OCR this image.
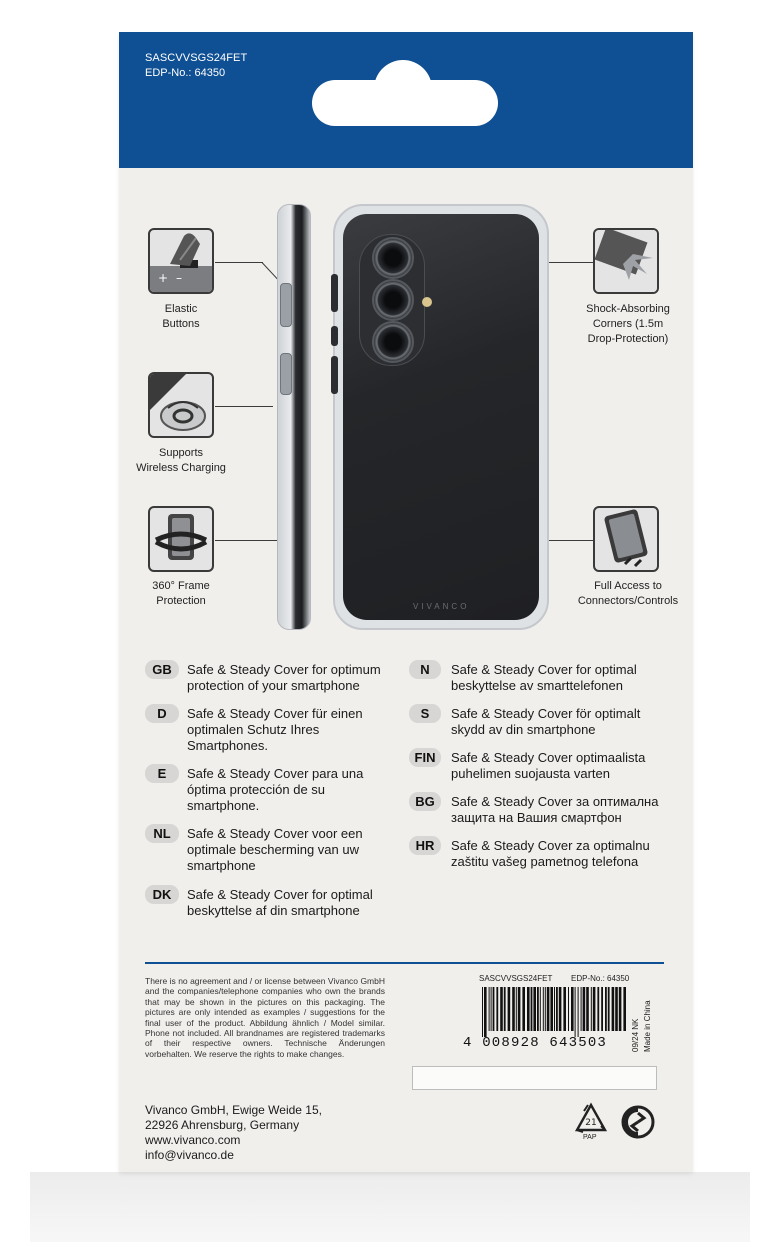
SASCVVSGS24FET
EDP-No.: 64350
+ –
Elastic
Buttons
Supports
Wireless Charging
360° Frame
Protection
Shock-Absorbing
Corners (1.5m
Drop-Protection)
Full Access to
Connectors/Controls
VIVANCO
GB	Safe & Steady Cover for optimum
protection of your smartphone
D	Safe & Steady Cover für einen
optimalen Schutz Ihres
Smartphones.
E	Safe & Steady Cover para una
óptima protección de su
smartphone.
NL	Safe & Steady Cover voor een
optimale bescherming van uw
smartphone
DK	Safe & Steady Cover for optimal
beskyttelse af din smartphone
N	Safe & Steady Cover for optimal
beskyttelse av smarttelefonen
S	Safe & Steady Cover för optimalt
skydd av din smartphone
FIN	Safe & Steady Cover optimaalista
puhelimen suojausta varten
BG	Safe & Steady Cover за оптимална
защита на Вашия смартфон
HR	Safe & Steady Cover za optimalnu
zaštitu vašeg pametnog telefona
There is no agreement and / or license between Vivanco GmbH and the companies/telephone companies who own the brands that may be shown in the pictures on this packaging. The pictures are only intended as examples / suggestions for the final user of the product. Abbildung ähnlich / Model similar. Phone not included. All brandnames are registered trademarks of their respective owners. Technische Änderungen vorbehalten. We reserve the rights to make changes.
SASCVVSGS24FET EDP-No.: 64350
4 008928 643503	09/24 NK Made in China
Vivanco GmbH, Ewige Weide 15,
22926 Ahrensburg, Germany
www.vivanco.com
info@vivanco.de
21
PAP
